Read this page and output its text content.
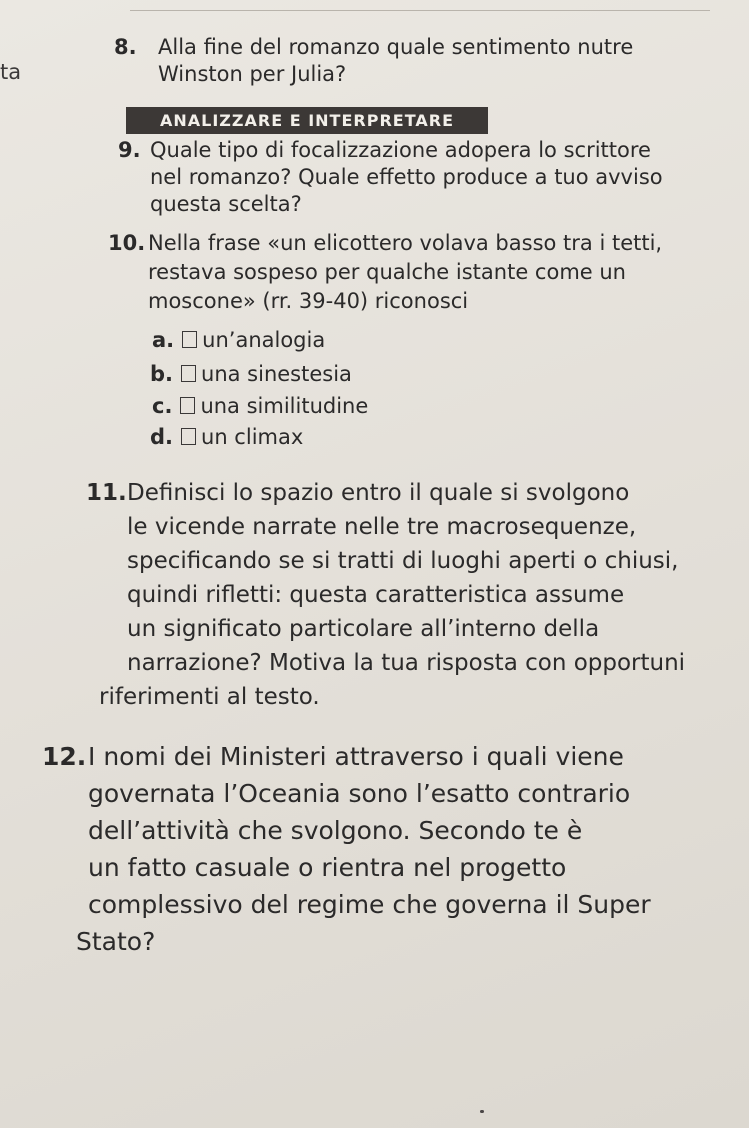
ta
8. Alla fine del romanzo quale sentimento nutre
Winston per Julia?
ANALIZZARE E INTERPRETARE
9. Quale tipo di focalizzazione adopera lo scrittore
nel romanzo? Quale effetto produce a tuo avviso
questa scelta?
10. Nella frase «un elicottero volava basso tra i tetti,
restava sospeso per qualche istante come un
moscone» (rr. 39-40) riconosci
a. un’analogia
b. una sinestesia
c. una similitudine
d. un climax
11. Definisci lo spazio entro il quale si svolgono
le vicende narrate nelle tre macrosequenze,
specificando se si tratti di luoghi aperti o chiusi,
quindi rifletti: questa caratteristica assume
un significato particolare all’interno della
narrazione? Motiva la tua risposta con opportuni
riferimenti al testo.
12. I nomi dei Ministeri attraverso i quali viene
governata l’Oceania sono l’esatto contrario
dell’attività che svolgono. Secondo te è
un fatto casuale o rientra nel progetto
complessivo del regime che governa il Super
Stato?
